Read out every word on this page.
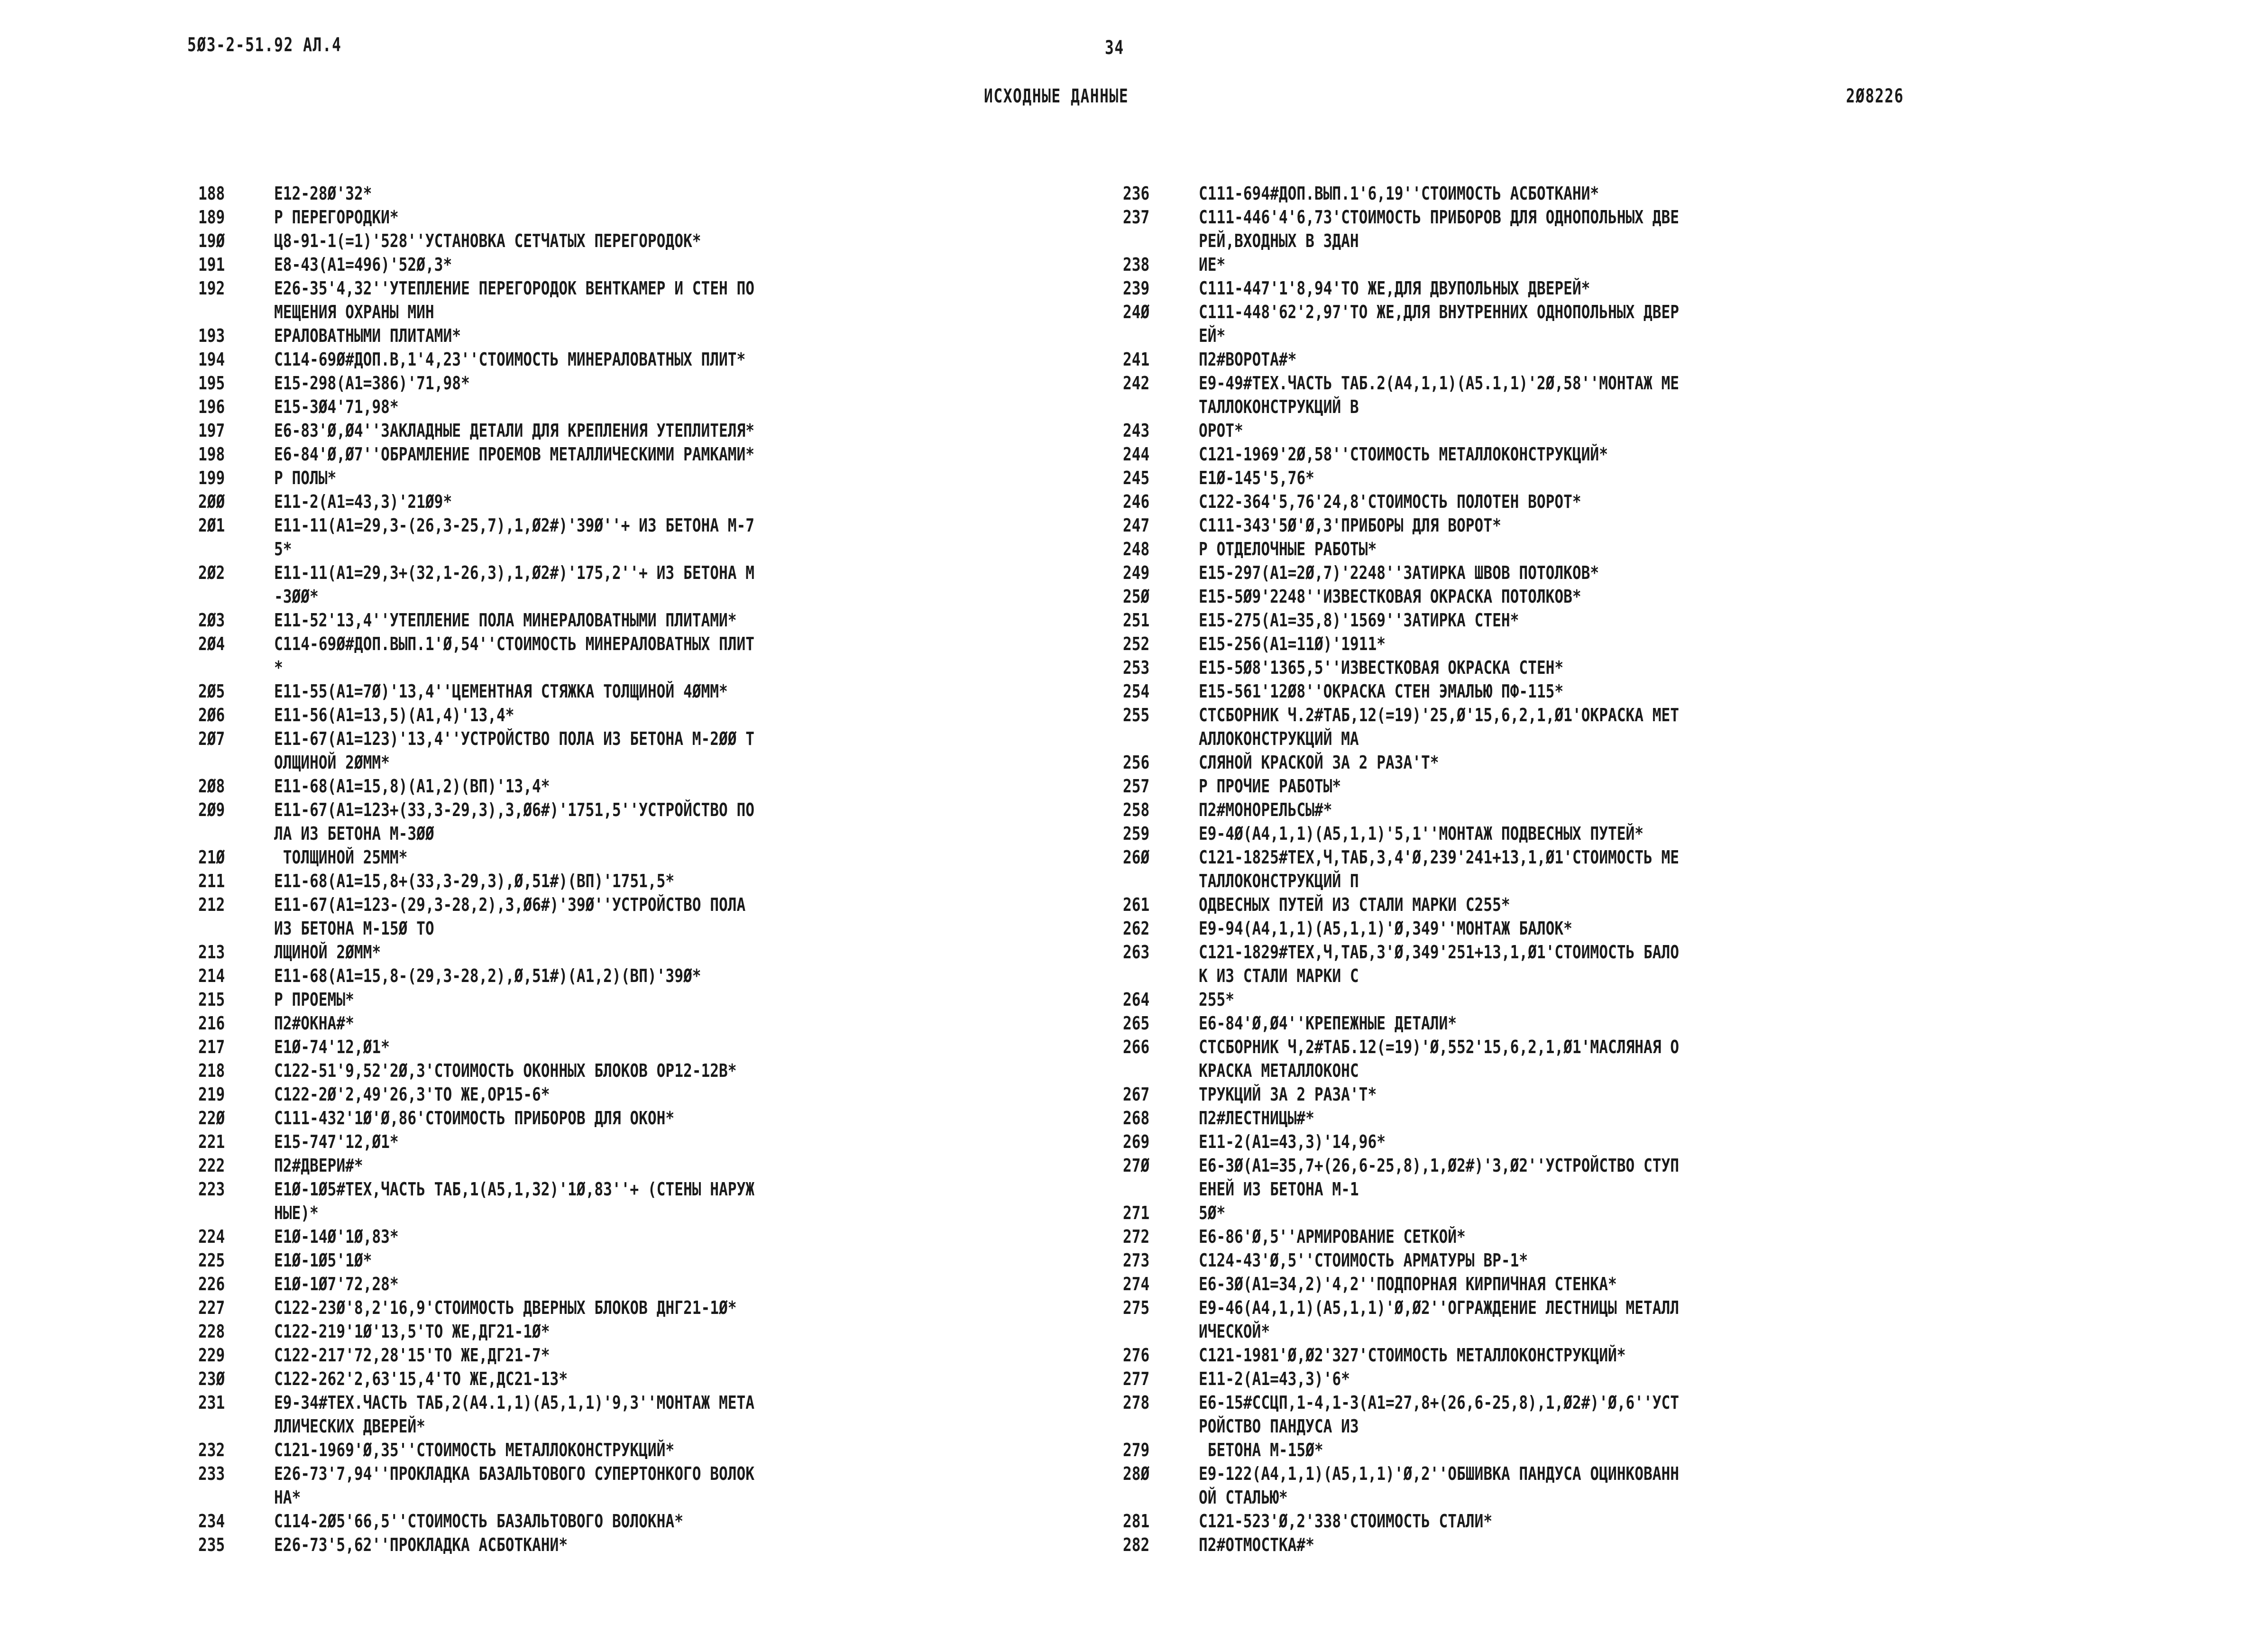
5Ø3-2-51.92 АЛ.4	34
ИСХОДНЫЕ ДАННЫЕ	2Ø8226
188	Е12-28Ø'32*
189	Р ПЕРЕГОРОДКИ*
19Ø	Ц8-91-1(=1)'528''УСТАНОВКА СЕТЧАТЫХ ПЕРЕГОРОДОК*
191	Е8-43(А1=496)'52Ø,3*
192	Е26-35'4,32''УТЕПЛЕНИЕ ПЕРЕГОРОДОК ВЕНТКАМЕР И СТЕН ПО
МЕЩЕНИЯ ОХРАНЫ МИН
193	ЕРАЛОВАТНЫМИ ПЛИТАМИ*
194	С114-69Ø#ДОП.В,1'4,23''СТОИМОСТЬ МИНЕРАЛОВАТНЫХ ПЛИТ*
195	Е15-298(А1=386)'71,98*
196	Е15-3Ø4'71,98*
197	Е6-83'Ø,Ø4''ЗАКЛАДНЫЕ ДЕТАЛИ ДЛЯ КРЕПЛЕНИЯ УТЕПЛИТЕЛЯ*
198	Е6-84'Ø,Ø7''ОБРАМЛЕНИЕ ПРОЕМОВ МЕТАЛЛИЧЕСКИМИ РАМКАМИ*
199	Р ПОЛЫ*
2ØØ	Е11-2(А1=43,3)'21Ø9*
2Ø1	Е11-11(А1=29,3-(26,3-25,7),1,Ø2#)'39Ø''+ ИЗ БЕТОНА М-7
5*
2Ø2	Е11-11(А1=29,3+(32,1-26,3),1,Ø2#)'175,2''+ ИЗ БЕТОНА М
-3ØØ*
2Ø3	Е11-52'13,4''УТЕПЛЕНИЕ ПОЛА МИНЕРАЛОВАТНЫМИ ПЛИТАМИ*
2Ø4	С114-69Ø#ДОП.ВЫП.1'Ø,54''СТОИМОСТЬ МИНЕРАЛОВАТНЫХ ПЛИТ
*
2Ø5	Е11-55(А1=7Ø)'13,4''ЦЕМЕНТНАЯ СТЯЖКА ТОЛЩИНОЙ 4ØММ*
2Ø6	Е11-56(А1=13,5)(А1,4)'13,4*
2Ø7	Е11-67(А1=123)'13,4''УСТРОЙСТВО ПОЛА ИЗ БЕТОНА М-2ØØ Т
ОЛЩИНОЙ 2ØММ*
2Ø8	Е11-68(А1=15,8)(А1,2)(ВП)'13,4*
2Ø9	Е11-67(А1=123+(33,3-29,3),3,Ø6#)'1751,5''УСТРОЙСТВО ПО
ЛА ИЗ БЕТОНА М-3ØØ
21Ø	ТОЛЩИНОЙ 25ММ*
211	Е11-68(А1=15,8+(33,3-29,3),Ø,51#)(ВП)'1751,5*
212	Е11-67(А1=123-(29,3-28,2),3,Ø6#)'39Ø''УСТРОЙСТВО ПОЛА
ИЗ БЕТОНА М-15Ø ТО
213	ЛЩИНОЙ 2ØММ*
214	Е11-68(А1=15,8-(29,3-28,2),Ø,51#)(А1,2)(ВП)'39Ø*
215	Р ПРОЕМЫ*
216	П2#ОКНА#*
217	Е1Ø-74'12,Ø1*
218	С122-51'9,52'2Ø,3'СТОИМОСТЬ ОКОННЫХ БЛОКОВ ОР12-12В*
219	С122-2Ø'2,49'26,3'ТО ЖЕ,ОР15-6*
22Ø	С111-432'1Ø'Ø,86'СТОИМОСТЬ ПРИБОРОВ ДЛЯ ОКОН*
221	Е15-747'12,Ø1*
222	П2#ДВЕРИ#*
223	Е1Ø-1Ø5#ТЕХ,ЧАСТЬ ТАБ,1(А5,1,32)'1Ø,83''+ (СТЕНЫ НАРУЖ
НЫЕ)*
224	Е1Ø-14Ø'1Ø,83*
225	Е1Ø-1Ø5'1Ø*
226	Е1Ø-1Ø7'72,28*
227	С122-23Ø'8,2'16,9'СТОИМОСТЬ ДВЕРНЫХ БЛОКОВ ДНГ21-1Ø*
228	С122-219'1Ø'13,5'ТО ЖЕ,ДГ21-1Ø*
229	С122-217'72,28'15'ТО ЖЕ,ДГ21-7*
23Ø	С122-262'2,63'15,4'ТО ЖЕ,ДС21-13*
231	Е9-34#ТЕХ.ЧАСТЬ ТАБ,2(А4.1,1)(А5,1,1)'9,3''МОНТАЖ МЕТА
ЛЛИЧЕСКИХ ДВЕРЕЙ*
232	С121-1969'Ø,35''СТОИМОСТЬ МЕТАЛЛОКОНСТРУКЦИЙ*
233	Е26-73'7,94''ПРОКЛАДКА БАЗАЛЬТОВОГО СУПЕРТОНКОГО ВОЛОК
НА*
234	С114-2Ø5'66,5''СТОИМОСТЬ БАЗАЛЬТОВОГО ВОЛОКНА*
235	Е26-73'5,62''ПРОКЛАДКА АСБОТКАНИ*
236	С111-694#ДОП.ВЫП.1'6,19''СТОИМОСТЬ АСБОТКАНИ*
237	С111-446'4'6,73'СТОИМОСТЬ ПРИБОРОВ ДЛЯ ОДНОПОЛЬНЫХ ДВЕ
РЕЙ,ВХОДНЫХ В ЗДАН
238	ИЕ*
239	С111-447'1'8,94'ТО ЖЕ,ДЛЯ ДВУПОЛЬНЫХ ДВЕРЕЙ*
24Ø	С111-448'62'2,97'ТО ЖЕ,ДЛЯ ВНУТРЕННИХ ОДНОПОЛЬНЫХ ДВЕР
ЕЙ*
241	П2#ВОРОТА#*
242	Е9-49#ТЕХ.ЧАСТЬ ТАБ.2(А4,1,1)(А5.1,1)'2Ø,58''МОНТАЖ МЕ
ТАЛЛОКОНСТРУКЦИЙ В
243	ОРОТ*
244	С121-1969'2Ø,58''СТОИМОСТЬ МЕТАЛЛОКОНСТРУКЦИЙ*
245	Е1Ø-145'5,76*
246	С122-364'5,76'24,8'СТОИМОСТЬ ПОЛОТЕН ВОРОТ*
247	С111-343'5Ø'Ø,3'ПРИБОРЫ ДЛЯ ВОРОТ*
248	Р ОТДЕЛОЧНЫЕ РАБОТЫ*
249	Е15-297(А1=2Ø,7)'2248''ЗАТИРКА ШВОВ ПОТОЛКОВ*
25Ø	Е15-5Ø9'2248''ИЗВЕСТКОВАЯ ОКРАСКА ПОТОЛКОВ*
251	Е15-275(А1=35,8)'1569''ЗАТИРКА СТЕН*
252	Е15-256(А1=11Ø)'1911*
253	Е15-5Ø8'1365,5''ИЗВЕСТКОВАЯ ОКРАСКА СТЕН*
254	Е15-561'12Ø8''ОКРАСКА СТЕН ЭМАЛЬЮ ПФ-115*
255	СТСБОРНИК Ч.2#ТАБ,12(=19)'25,Ø'15,6,2,1,Ø1'ОКРАСКА МЕТ
АЛЛОКОНСТРУКЦИЙ МА
256	СЛЯНОЙ КРАСКОЙ ЗА 2 РАЗА'Т*
257	Р ПРОЧИЕ РАБОТЫ*
258	П2#МОНОРЕЛЬСЫ#*
259	Е9-4Ø(А4,1,1)(А5,1,1)'5,1''МОНТАЖ ПОДВЕСНЫХ ПУТЕЙ*
26Ø	С121-1825#ТЕХ,Ч,ТАБ,3,4'Ø,239'241+13,1,Ø1'СТОИМОСТЬ МЕ
ТАЛЛОКОНСТРУКЦИЙ П
261	ОДВЕСНЫХ ПУТЕЙ ИЗ СТАЛИ МАРКИ С255*
262	Е9-94(А4,1,1)(А5,1,1)'Ø,349''МОНТАЖ БАЛОК*
263	С121-1829#ТЕХ,Ч,ТАБ,3'Ø,349'251+13,1,Ø1'СТОИМОСТЬ БАЛО
К ИЗ СТАЛИ МАРКИ С
264	255*
265	Е6-84'Ø,Ø4''КРЕПЕЖНЫЕ ДЕТАЛИ*
266	СТСБОРНИК Ч,2#ТАБ.12(=19)'Ø,552'15,6,2,1,Ø1'МАСЛЯНАЯ О
КРАСКА МЕТАЛЛОКОНС
267	ТРУКЦИЙ ЗА 2 РАЗА'Т*
268	П2#ЛЕСТНИЦЫ#*
269	Е11-2(А1=43,3)'14,96*
27Ø	Е6-3Ø(А1=35,7+(26,6-25,8),1,Ø2#)'3,Ø2''УСТРОЙСТВО СТУП
ЕНЕЙ ИЗ БЕТОНА М-1
271	5Ø*
272	Е6-86'Ø,5''АРМИРОВАНИЕ СЕТКОЙ*
273	С124-43'Ø,5''СТОИМОСТЬ АРМАТУРЫ ВР-1*
274	Е6-3Ø(А1=34,2)'4,2''ПОДПОРНАЯ КИРПИЧНАЯ СТЕНКА*
275	Е9-46(А4,1,1)(А5,1,1)'Ø,Ø2''ОГРАЖДЕНИЕ ЛЕСТНИЦЫ МЕТАЛЛ
ИЧЕСКОЙ*
276	С121-1981'Ø,Ø2'327'СТОИМОСТЬ МЕТАЛЛОКОНСТРУКЦИЙ*
277	Е11-2(А1=43,3)'6*
278	Е6-15#ССЦП,1-4,1-3(А1=27,8+(26,6-25,8),1,Ø2#)'Ø,6''УСТ
РОЙСТВО ПАНДУСА ИЗ
279	БЕТОНА М-15Ø*
28Ø	Е9-122(А4,1,1)(А5,1,1)'Ø,2''ОБШИВКА ПАНДУСА ОЦИНКОВАНН
ОЙ СТАЛЬЮ*
281	С121-523'Ø,2'338'СТОИМОСТЬ СТАЛИ*
282	П2#ОТМОСТКА#*
